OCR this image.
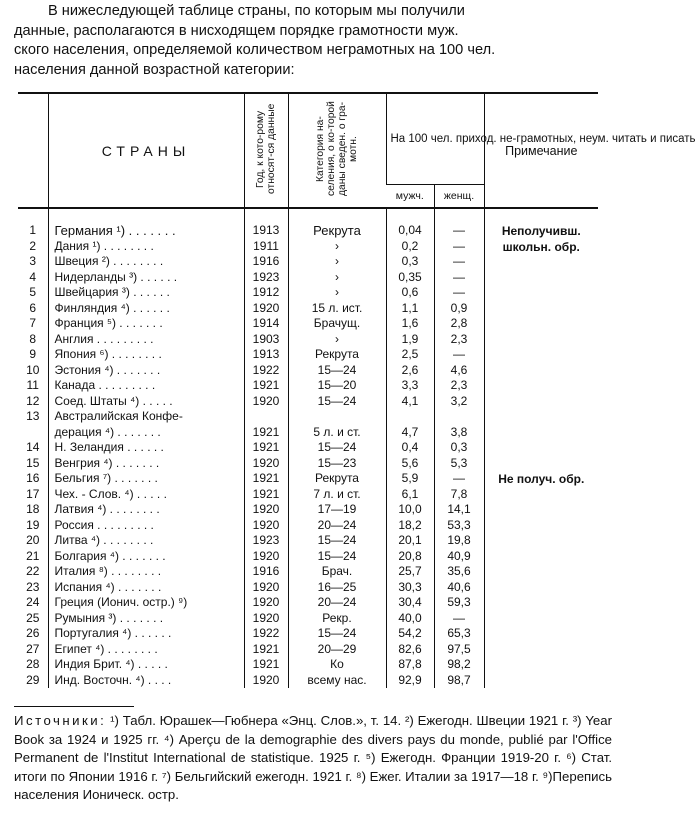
В нижеследующей таблице страны, по которым мы получили
данные, располагаются в нисходящем порядке грамотности муж.
ского населения, определяемой количеством неграмотных на 100 чел.
населения данной возрастной категории:
	СТРАНЫ	Год, к кото-рому относят-ся данные	Категория на-селения, о ко-торой даны сведен. о гра-мотн.	На 100 чел. приход. не-грамотных, неум. читать и писать		Примечание
				мужч.	женщ.	
1	Германия ¹) . . . . . . .	1913	Рекрута	0,04	—	Неполучивш. школьн. обр.
2	Дания ¹) . . . . . . . .	1911	›	0,2	—	
3	Швеция ²) . . . . . . . .	1916	›	0,3	—	
4	Нидерланды ³) . . . . . .	1923	›	0,35	—	
5	Швейцария ³) . . . . . .	1912	›	0,6	—	
6	Финляндия ⁴) . . . . . .	1920	15 л. ист.	1,1	0,9	
7	Франция ⁵) . . . . . . .	1914	Брачущ.	1,6	2,8	
8	Англия . . . . . . . . .	1903	›	1,9	2,3	
9	Япония ⁶) . . . . . . . .	1913	Рекрута	2,5	—	
10	Эстония ⁴) . . . . . . .	1922	15—24	2,6	4,6	
11	Канада . . . . . . . . .	1921	15—20	3,3	2,3	
12	Соед. Штаты ⁴) . . . . .	1920	15—24	4,1	3,2	
13	Австралийская Конфе-					
	дерация ⁴) . . . . . . .	1921	5 л. и ст.	4,7	3,8	
14	Н. Зеландия . . . . . .	1921	15—24	0,4	0,3	
15	Венгрия ⁴) . . . . . . .	1920	15—23	5,6	5,3	
16	Бельгия ⁷) . . . . . . .	1921	Рекрута	5,9	—	Не получ. обр.
17	Чех. - Слов. ⁴) . . . . .	1921	7 л. и ст.	6,1	7,8	
18	Латвия ⁴) . . . . . . . .	1920	17—19	10,0	14,1	
19	Россия . . . . . . . . .	1920	20—24	18,2	53,3	
20	Литва ⁴) . . . . . . . .	1923	15—24	20,1	19,8	
21	Болгария ⁴) . . . . . . .	1920	15—24	20,8	40,9	
22	Италия ⁸) . . . . . . . .	1916	Брач.	25,7	35,6	
23	Испания ⁴) . . . . . . .	1920	16—25	30,3	40,6	
24	Греция (Ионич. остр.) ⁹)	1920	20—24	30,4	59,3	
25	Румыния ³) . . . . . . .	1920	Рекр.	40,0	—	
26	Португалия ⁴) . . . . . .	1922	15—24	54,2	65,3	
27	Египет ⁴) . . . . . . . .	1921	20—29	82,6	97,5	
28	Индия Брит. ⁴) . . . . .	1921	Ко	87,8	98,2	
29	Инд. Восточн. ⁴) . . . .	1920	всему нас.	92,9	98,7	
Источники: ¹) Табл. Юрашек—Гюбнера «Энц. Слов.», т. 14. ²) Ежегодн. Швеции 1921 г. ³) Year Book за 1924 и 1925 гг. ⁴) Aperçu de la demographie des divers pays du monde, publié par l'Office Permanent de l'Institut International de statistique. 1925 г. ⁵) Ежегодн. Франции 1919-20 г. ⁶) Стат. итоги по Японии 1916 г. ⁷) Бельгийский ежегодн. 1921 г. ⁸) Ежег. Италии за 1917—18 г. ⁹)Перепись населения Ионическ. остр.
